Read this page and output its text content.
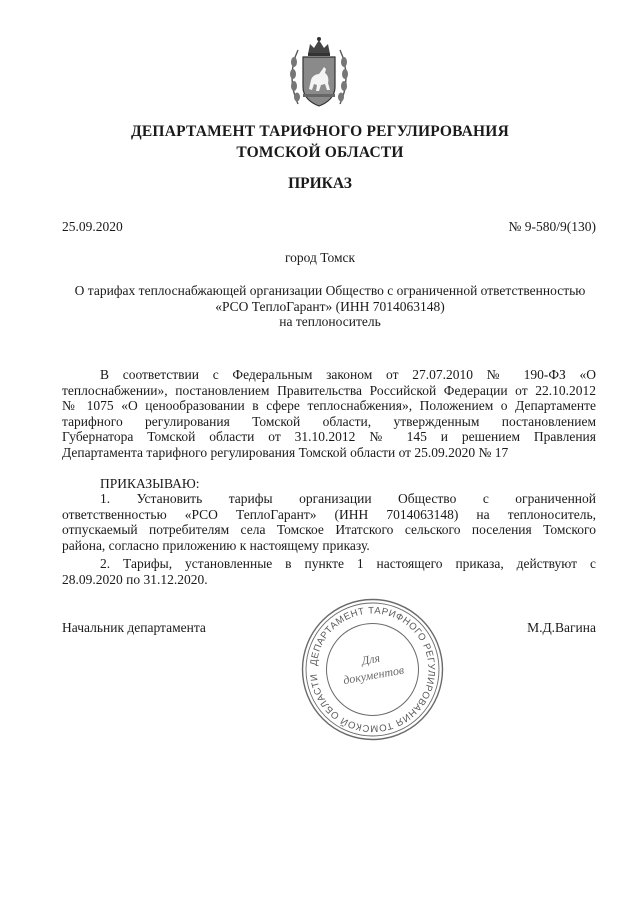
ДЕПАРТАМЕНТ ТАРИФНОГО РЕГУЛИРОВАНИЯ
ТОМСКОЙ ОБЛАСТИ
ПРИКАЗ
25.09.2020	№ 9-580/9(130)
город Томск
О тарифах теплоснабжающей организации Общество с ограниченной ответственностью
«РСО ТеплоГарант» (ИНН 7014063148)
на теплоноситель
В соответствии с Федеральным законом от 27.07.2010 № 190-ФЗ «О
теплоснабжении», постановлением Правительства Российской Федерации от 22.10.2012
№ 1075 «О ценообразовании в сфере теплоснабжения», Положением о Департаменте
тарифного регулирования Томской области, утвержденным постановлением
Губернатора Томской области от 31.10.2012 № 145 и решением Правления
Департамента тарифного регулирования Томской области от 25.09.2020 № 17
ПРИКАЗЫВАЮ:
1. Установить тарифы организации Общество с ограниченной
ответственностью «РСО ТеплоГарант» (ИНН 7014063148) на теплоноситель,
отпускаемый потребителям села Томское Итатского сельского поселения Томского
района, согласно приложению к настоящему приказу.
2. Тарифы, установленные в пункте 1 настоящего приказа, действуют с
28.09.2020 по 31.12.2020.
Начальник департамента	М.Д.Вагина
ДЕПАРТАМЕНТ ТАРИФНОГО РЕГУЛИРОВАНИЯ ТОМСКОЙ ОБЛАСТИ
Для
документов
